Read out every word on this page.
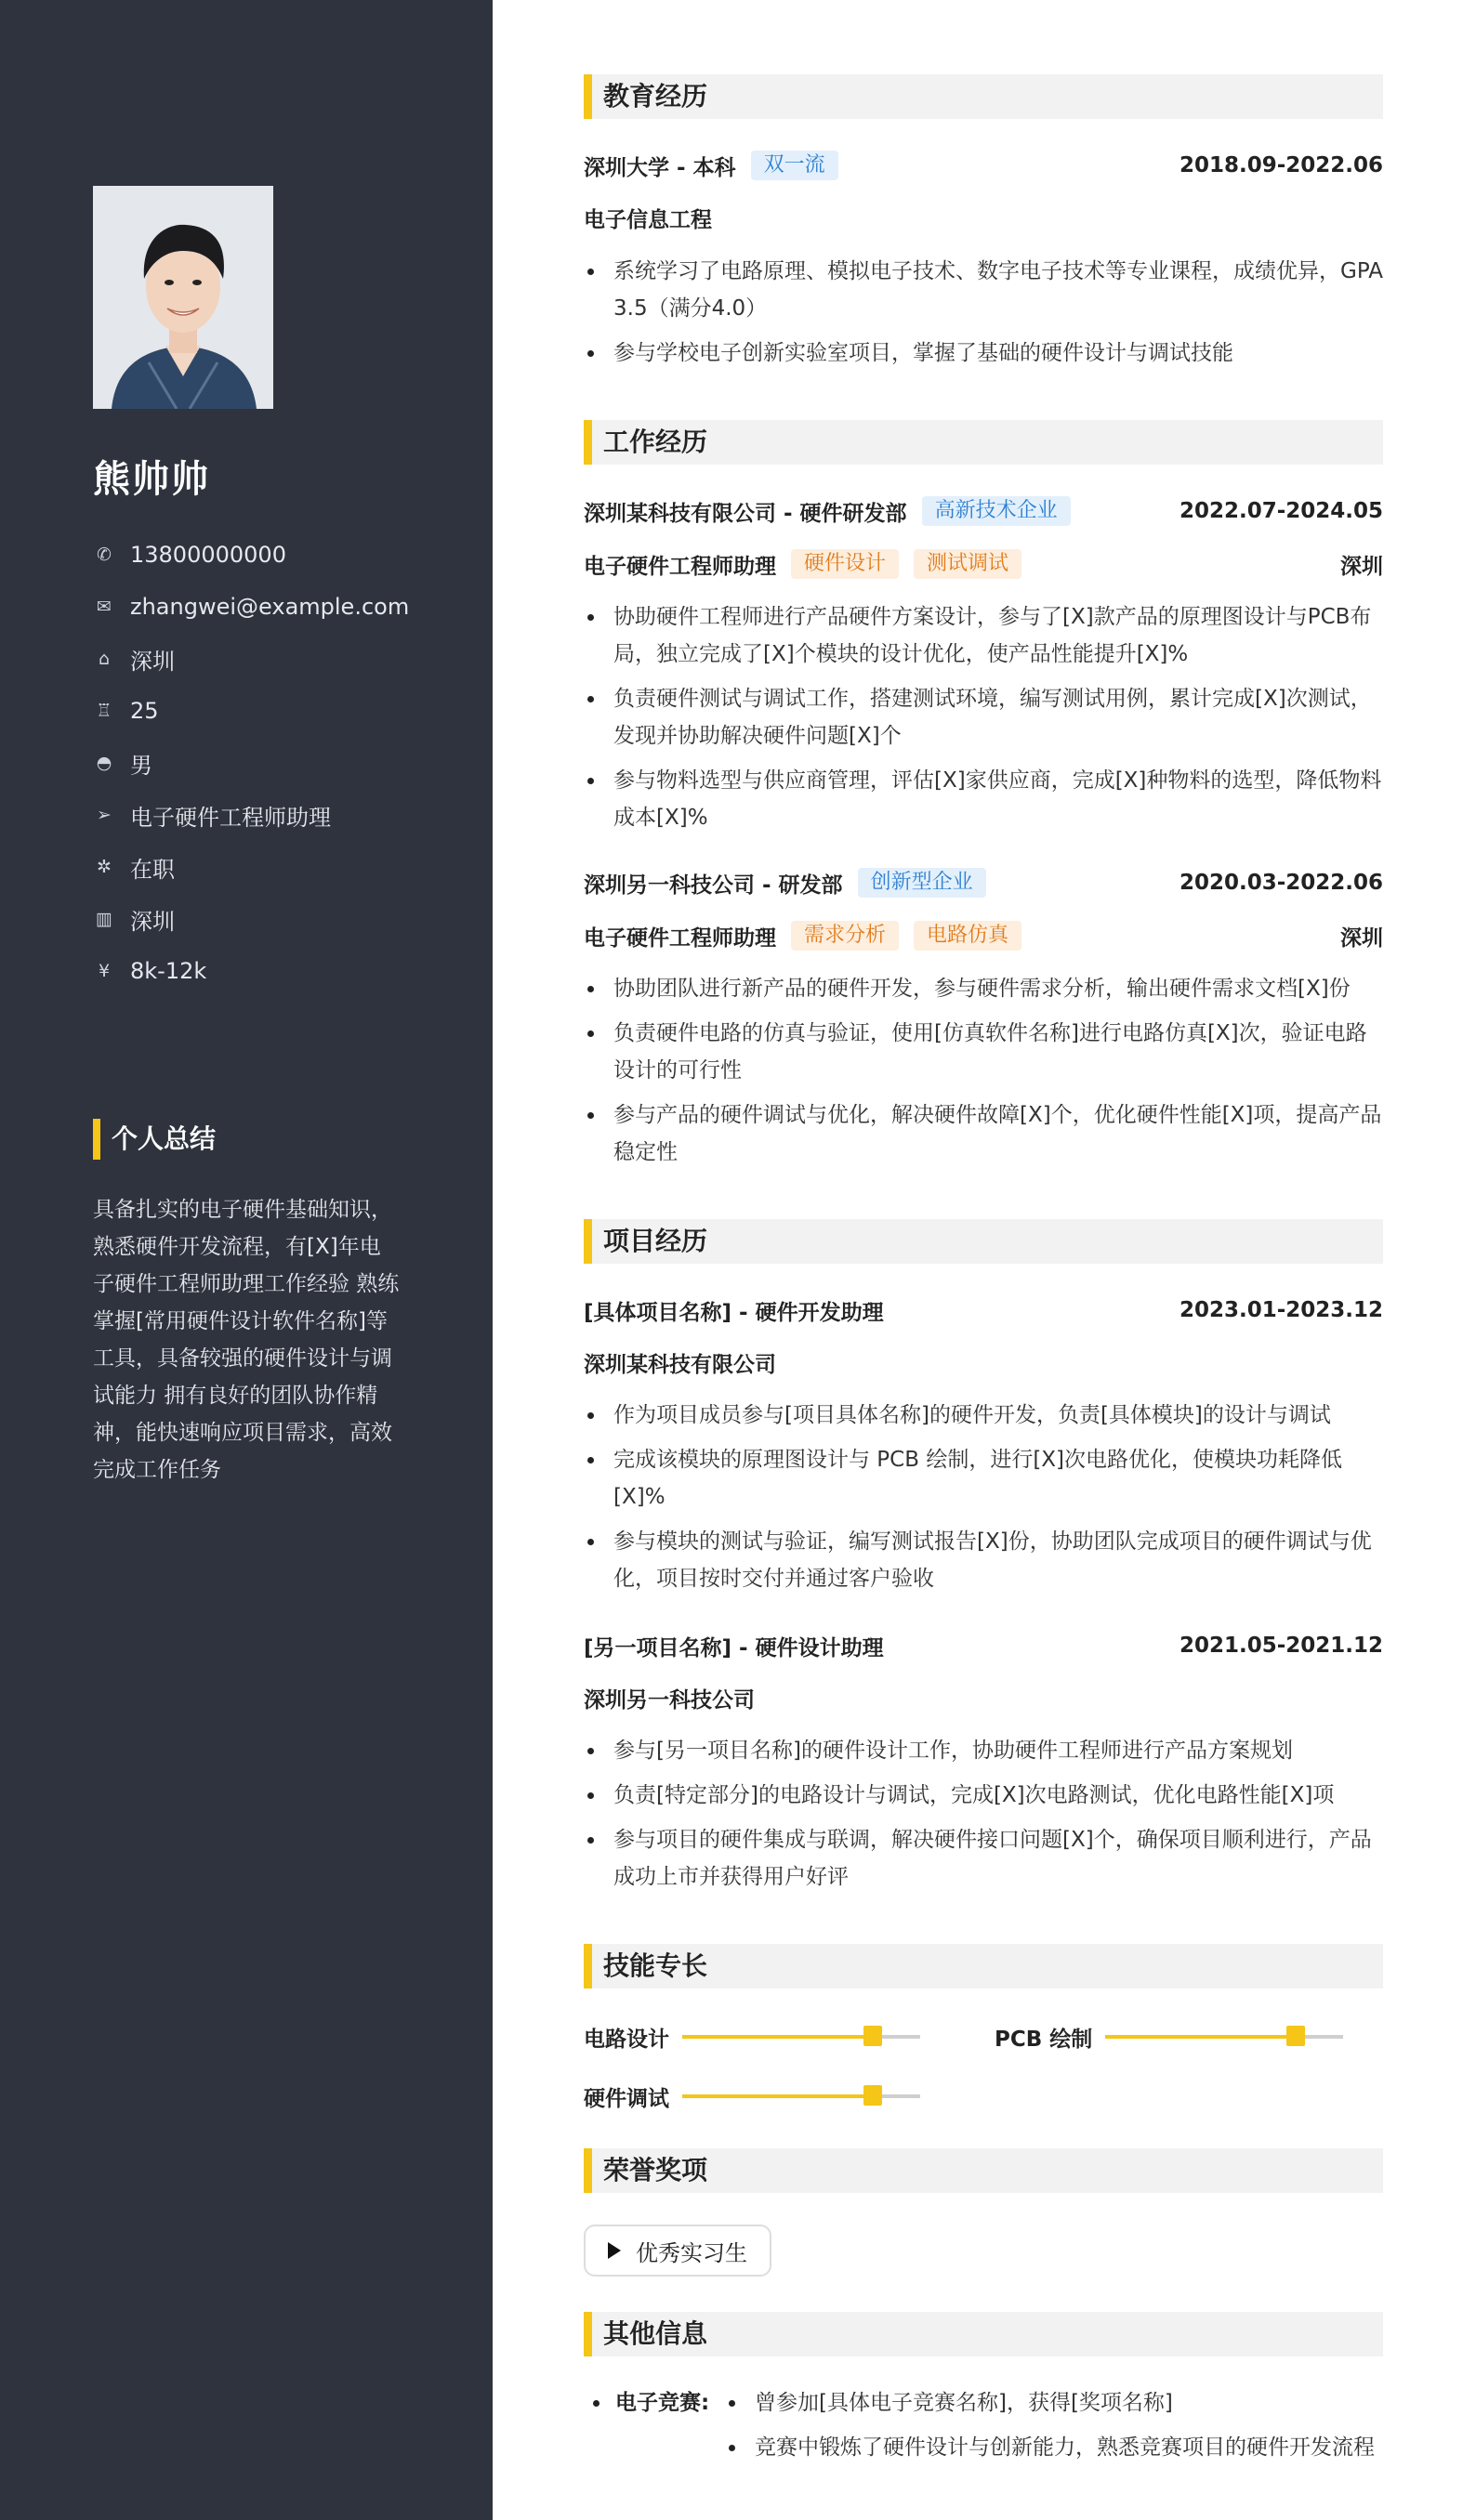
熊帅帅
✆ 13800000000
✉ zhangwei@example.com
⌂ 深圳
♖ 25
◓ 男
➢ 电子硬件工程师助理
✲ 在职
▥ 深圳
¥ 8k-12k
个人总结
具备扎实的电子硬件基础知识，熟悉硬件开发流程，有[X]年电子硬件工程师助理工作经验 熟练掌握[常用硬件设计软件名称]等工具，具备较强的硬件设计与调试能力 拥有良好的团队协作精神，能快速响应项目需求，高效完成工作任务
教育经历
深圳大学 - 本科	双一流	2018.09-2022.06
电子信息工程
系统学习了电路原理、模拟电子技术、数字电子技术等专业课程，成绩优异，GPA 3.5（满分4.0）
参与学校电子创新实验室项目，掌握了基础的硬件设计与调试技能
工作经历
深圳某科技有限公司 - 硬件研发部	高新技术企业	2022.07-2024.05
电子硬件工程师助理	硬件设计	测试调试	深圳
协助硬件工程师进行产品硬件方案设计，参与了[X]款产品的原理图设计与PCB布局，独立完成了[X]个模块的设计优化，使产品性能提升[X]%
负责硬件测试与调试工作，搭建测试环境，编写测试用例，累计完成[X]次测试，发现并协助解决硬件问题[X]个
参与物料选型与供应商管理，评估[X]家供应商，完成[X]种物料的选型，降低物料成本[X]%
深圳另一科技公司 - 研发部	创新型企业	2020.03-2022.06
电子硬件工程师助理	需求分析	电路仿真	深圳
协助团队进行新产品的硬件开发，参与硬件需求分析，输出硬件需求文档[X]份
负责硬件电路的仿真与验证，使用[仿真软件名称]进行电路仿真[X]次，验证电路设计的可行性
参与产品的硬件调试与优化，解决硬件故障[X]个，优化硬件性能[X]项，提高产品稳定性
项目经历
[具体项目名称] - 硬件开发助理	2023.01-2023.12
深圳某科技有限公司
作为项目成员参与[项目具体名称]的硬件开发，负责[具体模块]的设计与调试
完成该模块的原理图设计与 PCB 绘制，进行[X]次电路优化，使模块功耗降低[X]%
参与模块的测试与验证，编写测试报告[X]份，协助团队完成项目的硬件调试与优化，项目按时交付并通过客户验收
[另一项目名称] - 硬件设计助理	2021.05-2021.12
深圳另一科技公司
参与[另一项目名称]的硬件设计工作，协助硬件工程师进行产品方案规划
负责[特定部分]的电路设计与调试，完成[X]次电路测试，优化电路性能[X]项
参与项目的硬件集成与联调，解决硬件接口问题[X]个，确保项目顺利进行，产品成功上市并获得用户好评
技能专长
电路设计	PCB 绘制
硬件调试
荣誉奖项
优秀实习生
其他信息
电子竞赛:	曾参加[具体电子竞赛名称]，获得[奖项名称]
竞赛中锻炼了硬件设计与创新能力，熟悉竞赛项目的硬件开发流程
